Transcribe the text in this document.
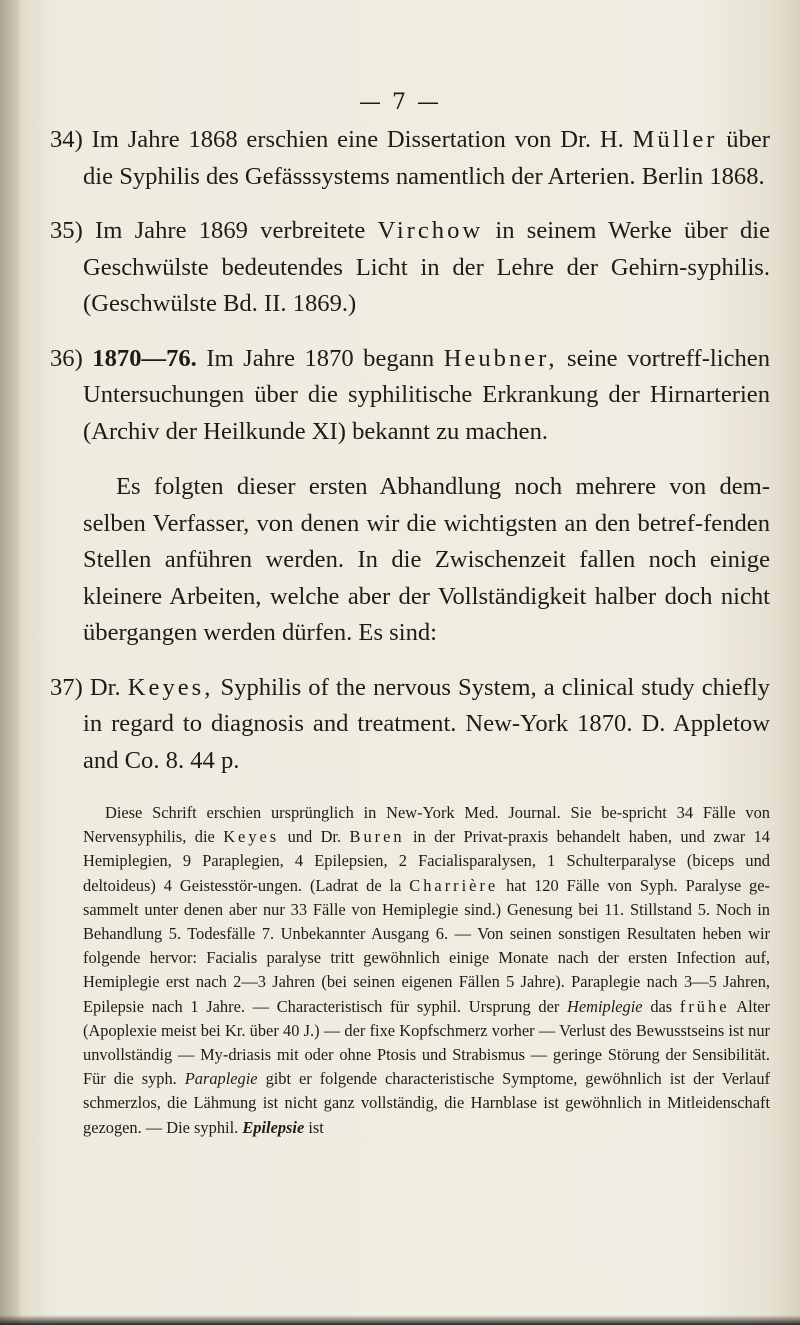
— 7 —

34) Im Jahre 1868 erschien eine Dissertation von Dr. H. Müller über die Syphilis des Gefässsystems namentlich der Arterien. Berlin 1868.

35) Im Jahre 1869 verbreitete Virchow in seinem Werke über die Geschwülste bedeutendes Licht in der Lehre der Gehirn-syphilis. (Geschwülste Bd. II. 1869.)

36) 1870—76. Im Jahre 1870 begann Heubner, seine vortreff-lichen Untersuchungen über die syphilitische Erkrankung der Hirnarterien (Archiv der Heilkunde XI) bekannt zu machen.

Es folgten dieser ersten Abhandlung noch mehrere von dem-selben Verfasser, von denen wir die wichtigsten an den betref-fenden Stellen anführen werden. In die Zwischenzeit fallen noch einige kleinere Arbeiten, welche aber der Vollständigkeit halber doch nicht übergangen werden dürfen. Es sind:

37) Dr. Keyes, Syphilis of the nervous System, a clinical study chiefly in regard to diagnosis and treatment. New-York 1870. D. Appletow and Co. 8. 44 p.

Diese Schrift erschien ursprünglich in New-York Med. Journal. Sie be-spricht 34 Fälle von Nervensyphilis, die Keyes und Dr. Buren in der Privat-praxis behandelt haben, und zwar 14 Hemiplegien, 9 Paraplegien, 4 Epilepsien, 2 Facialisparalysen, 1 Schulterparalyse (biceps und deltoideus) 4 Geistesstör-ungen. (Ladrat de la Charrière hat 120 Fälle von Syph. Paralyse ge-sammelt unter denen aber nur 33 Fälle von Hemiplegie sind.) Genesung bei 11. Stillstand 5. Noch in Behandlung 5. Todesfälle 7. Unbekannter Ausgang 6. — Von seinen sonstigen Resultaten heben wir folgende hervor: Facialis paralyse tritt gewöhnlich einige Monate nach der ersten Infection auf, Hemiplegie erst nach 2—3 Jahren (bei seinen eigenen Fällen 5 Jahre). Paraplegie nach 3—5 Jahren, Epilepsie nach 1 Jahre. — Characteristisch für syphil. Ursprung der Hemiplegie das frühe Alter (Apoplexie meist bei Kr. über 40 J.) — der fixe Kopfschmerz vorher — Verlust des Bewusstseins ist nur unvollständig — My-driasis mit oder ohne Ptosis und Strabismus — geringe Störung der Sensibilität. Für die syph. Paraplegie gibt er folgende characteristische Symptome, gewöhnlich ist der Verlauf schmerzlos, die Lähmung ist nicht ganz vollständig, die Harnblase ist gewöhnlich in Mitleidenschaft gezogen. — Die syphil. Epilepsie ist
